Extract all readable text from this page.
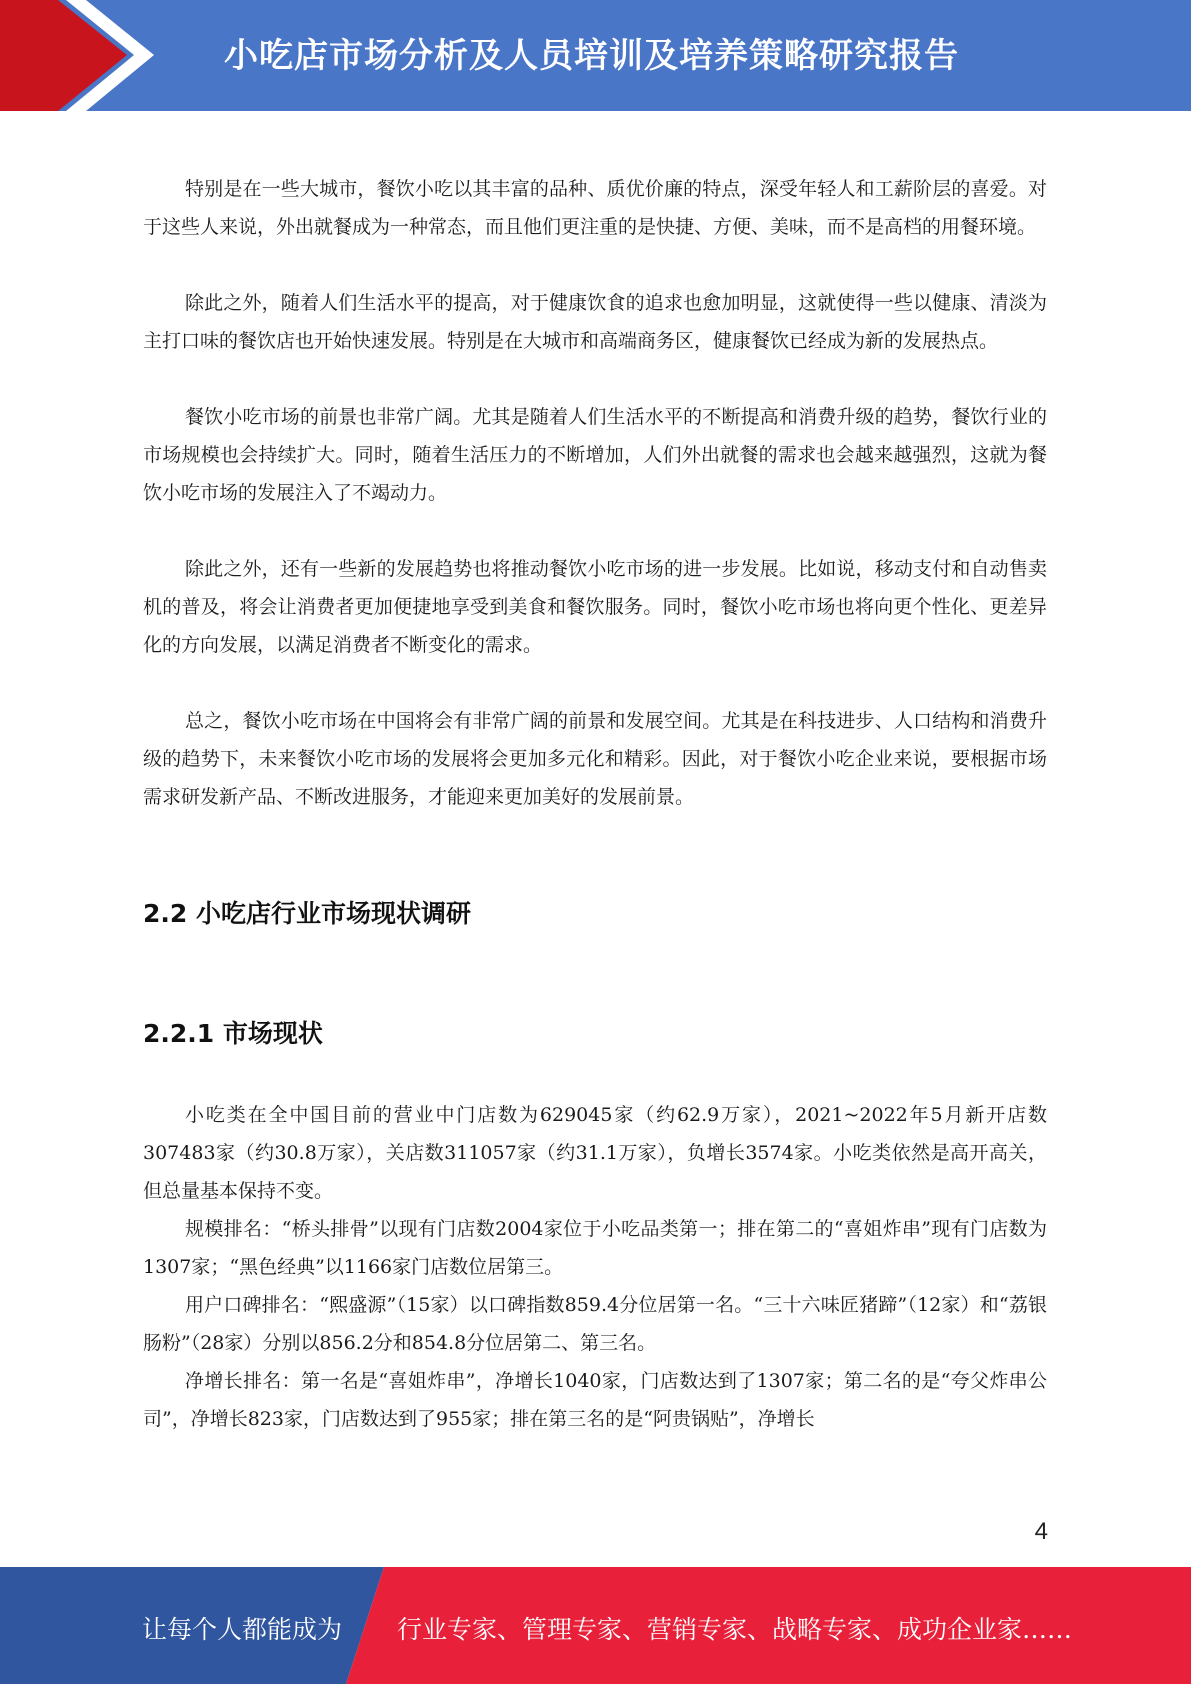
小吃店市场分析及人员培训及培养策略研究报告

特别是在一些大城市，餐饮小吃以其丰富的品种、质优价廉的特点，深受年轻人和工薪阶层的喜爱。对于这些人来说，外出就餐成为一种常态，而且他们更注重的是快捷、方便、美味，而不是高档的用餐环境。

除此之外，随着人们生活水平的提高，对于健康饮食的追求也愈加明显，这就使得一些以健康、清淡为主打口味的餐饮店也开始快速发展。特别是在大城市和高端商务区，健康餐饮已经成为新的发展热点。

餐饮小吃市场的前景也非常广阔。尤其是随着人们生活水平的不断提高和消费升级的趋势，餐饮行业的市场规模也会持续扩大。同时，随着生活压力的不断增加，人们外出就餐的需求也会越来越强烈，这就为餐饮小吃市场的发展注入了不竭动力。

除此之外，还有一些新的发展趋势也将推动餐饮小吃市场的进一步发展。比如说，移动支付和自动售卖机的普及，将会让消费者更加便捷地享受到美食和餐饮服务。同时，餐饮小吃市场也将向更个性化、更差异化的方向发展，以满足消费者不断变化的需求。

总之，餐饮小吃市场在中国将会有非常广阔的前景和发展空间。尤其是在科技进步、人口结构和消费升级的趋势下，未来餐饮小吃市场的发展将会更加多元化和精彩。因此，对于餐饮小吃企业来说，要根据市场需求研发新产品、不断改进服务，才能迎来更加美好的发展前景。

2.2 小吃店行业市场现状调研
2.2.1 市场现状

小吃类在全中国目前的营业中门店数为629045家（约62.9万家），2021~2022年5月新开店数307483家（约30.8万家），关店数311057家（约31.1万家），负增长3574家。小吃类依然是高开高关，但总量基本保持不变。

规模排名：“桥头排骨”以现有门店数2004家位于小吃品类第一；排在第二的“喜姐炸串”现有门店数为1307家；“黑色经典”以1166家门店数位居第三。

用户口碑排名：“熙盛源”（15家）以口碑指数859.4分位居第一名。“三十六味匠猪蹄”（12家）和“荔银肠粉”（28家）分别以856.2分和854.8分位居第二、第三名。

净增长排名：第一名是“喜姐炸串”，净增长1040家，门店数达到了1307家；第二名的是“夸父炸串公司”，净增长823家，门店数达到了955家；排在第三名的是“阿贵锅贴”，净增长

4
让每个人都能成为 行业专家、管理专家、营销专家、战略专家、成功企业家……
